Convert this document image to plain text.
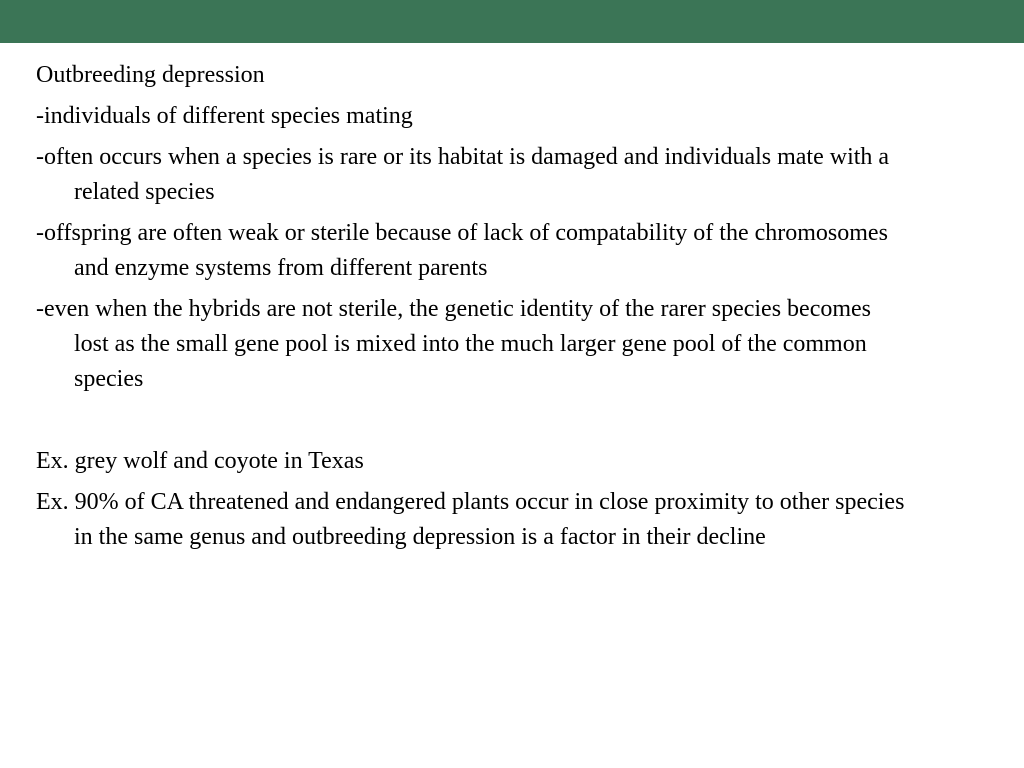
Outbreeding depression

-individuals of different species mating

-often occurs when a species is rare or its habitat is damaged and individuals mate with a related species

-offspring are often weak or sterile because of lack of compatability of the chromosomes and enzyme systems from different parents

-even when the hybrids are not sterile, the genetic identity of the rarer species becomes lost as the small gene pool is mixed into the much larger gene pool of the common species

Ex. grey wolf and coyote in Texas

Ex. 90% of CA threatened and endangered plants occur in close proximity to other species in the same genus and outbreeding depression is a factor in their decline
